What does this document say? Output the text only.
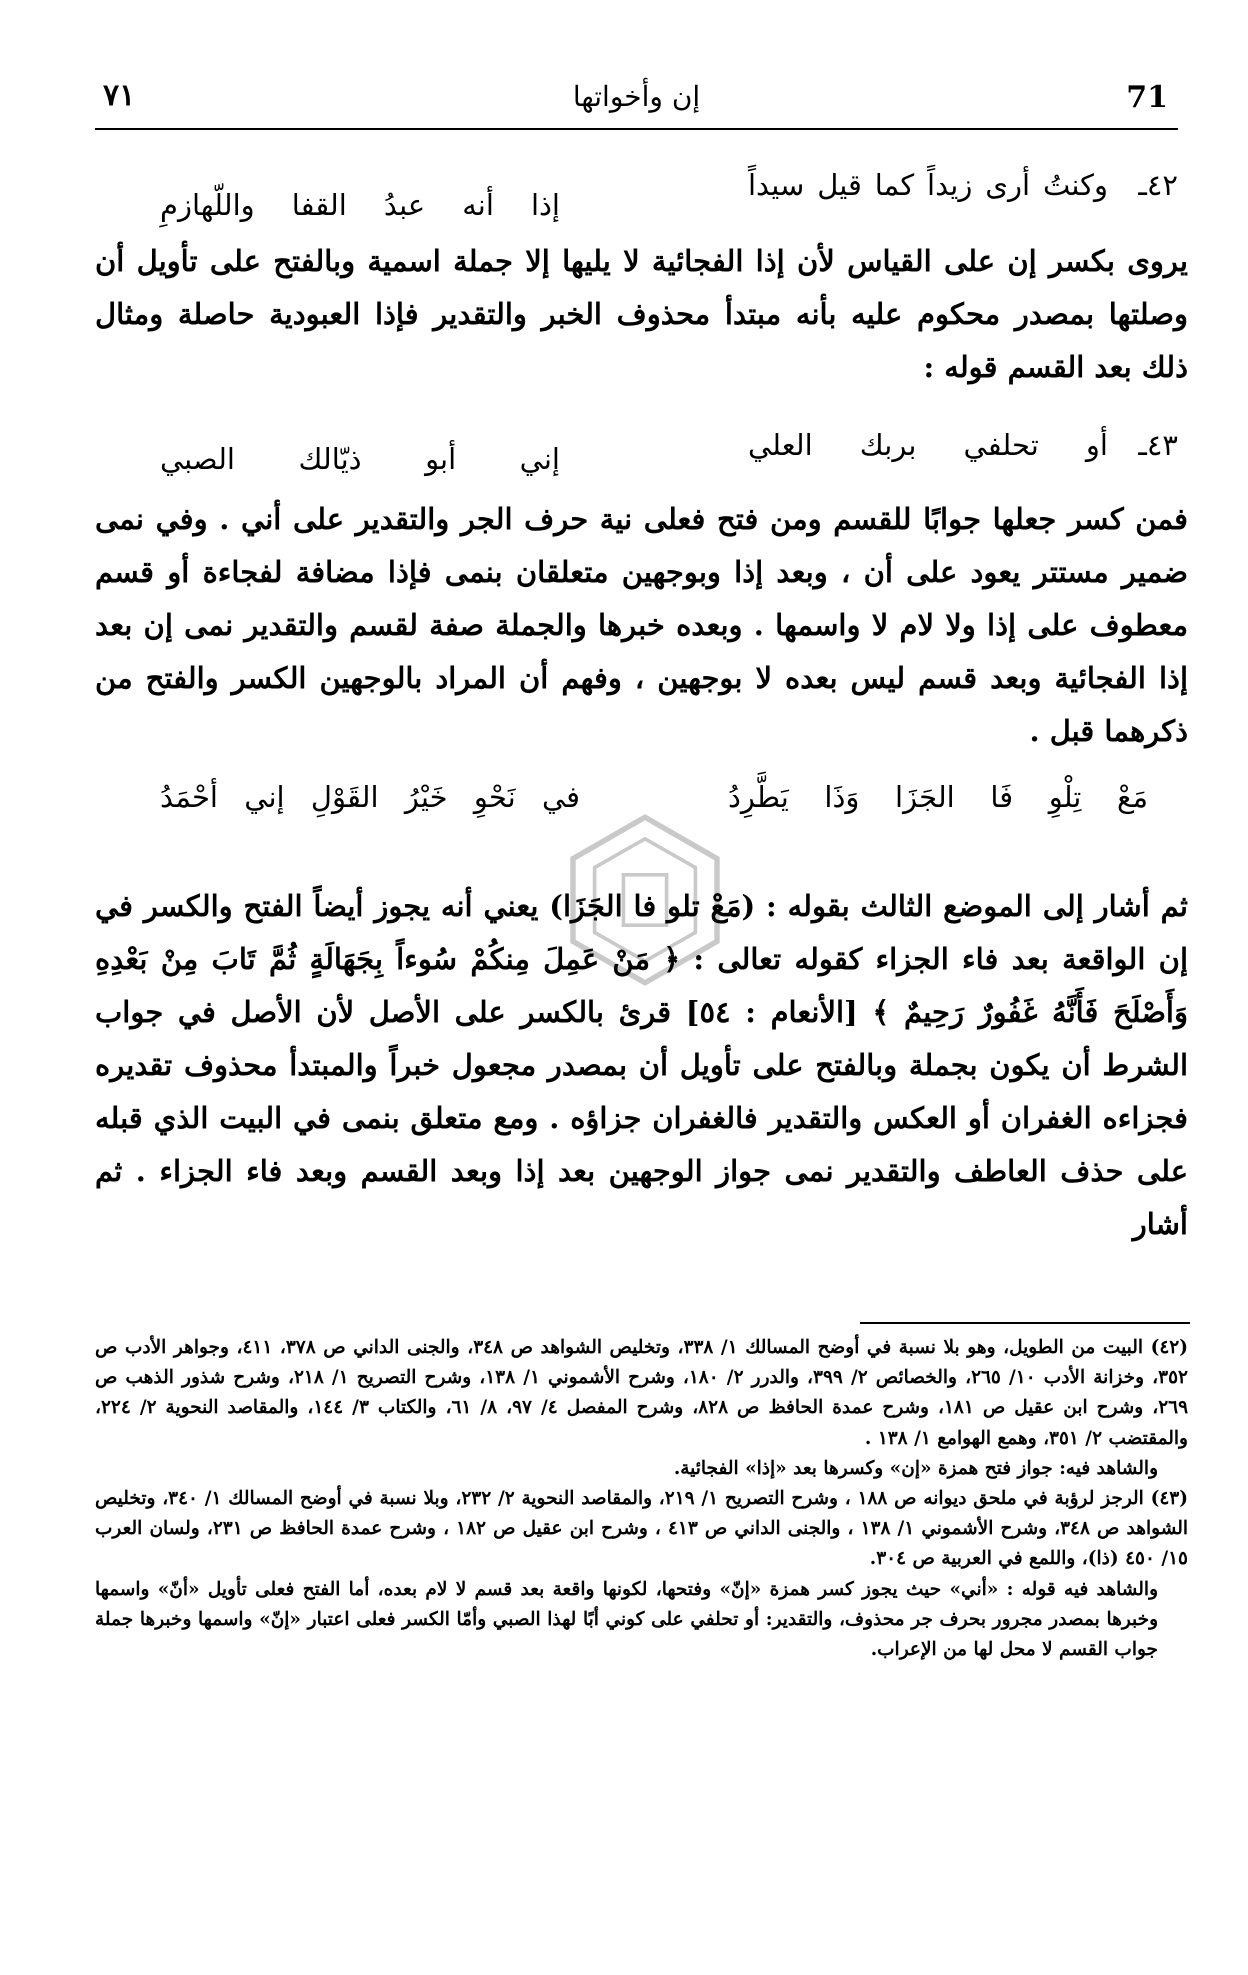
71
إن وأخواتها
٧١
٤٢ـ
وكنتُ أرى زيداً كما قيل سيداً
إذا أنه عبدُ القفا واللّهازمِ
يروى بكسر إن على القياس لأن إذا الفجائية لا يليها إلا جملة اسمية وبالفتح على تأويل أن وصلتها بمصدر محكوم عليه بأنه مبتدأ محذوف الخبر والتقدير فإذا العبودية حاصلة ومثال ذلك بعد القسم قوله :
٤٣ـ
أو تحلفي بربك العلي
إني أبو ذيّالك الصبي
فمن كسر جعلها جوابًا للقسم ومن فتح فعلى نية حرف الجر والتقدير على أني . وفي نمى ضمير مستتر يعود على أن ، وبعد إذا وبوجهين متعلقان بنمى فإذا مضافة لفجاءة أو قسم معطوف على إذا ولا لام لا واسمها . وبعده خبرها والجملة صفة لقسم والتقدير نمى إن بعد إذا الفجائية وبعد قسم ليس بعده لا بوجهين ، وفهم أن المراد بالوجهين الكسر والفتح من ذكرهما قبل .
مَعْ تِلْوِ فَا الجَزَا وَذَا يَطَّرِدُ
في نَحْوِ خَيْرُ القَوْلِ إني أحْمَدُ
ثم أشار إلى الموضع الثالث بقوله : (مَعْ تلو فا الجَزَا) يعني أنه يجوز أيضاً الفتح والكسر في إن الواقعة بعد فاء الجزاء كقوله تعالى : ﴿ مَنْ عَمِلَ مِنكُمْ سُوءاً بِجَهَالَةٍ ثُمَّ تَابَ مِنْ بَعْدِهِ وَأَصْلَحَ فَأَنَّهُ غَفُورٌ رَحِيمٌ ﴾ [الأنعام : ٥٤] قرئ بالكسر على الأصل لأن الأصل في جواب الشرط أن يكون بجملة وبالفتح على تأويل أن بمصدر مجعول خبراً والمبتدأ محذوف تقديره فجزاءه الغفران أو العكس والتقدير فالغفران جزاؤه . ومع متعلق بنمى في البيت الذي قبله على حذف العاطف والتقدير نمى جواز الوجهين بعد إذا وبعد القسم وبعد فاء الجزاء . ثم أشار

(٤٢) البيت من الطويل، وهو بلا نسبة في أوضح المسالك ١/ ٣٣٨، وتخليص الشواهد ص ٣٤٨، والجنى الداني ص ٣٧٨، ٤١١، وجواهر الأدب ص ٣٥٢، وخزانة الأدب ١٠/ ٢٦٥، والخصائص ٢/ ٣٩٩، والدرر ٢/ ١٨٠، وشرح الأشموني ١/ ١٣٨، وشرح التصريح ١/ ٢١٨، وشرح شذور الذهب ص ٢٦٩، وشرح ابن عقيل ص ١٨١، وشرح عمدة الحافظ ص ٨٢٨، وشرح المفصل ٤/ ٩٧، ٨/ ٦١، والكتاب ٣/ ١٤٤، والمقاصد النحوية ٢/ ٢٢٤، والمقتضب ٢/ ٣٥١، وهمع الهوامع ١/ ١٣٨ .

والشاهد فيه: جواز فتح همزة «إن» وكسرها بعد «إذا» الفجائية.

(٤٣) الرجز لرؤبة في ملحق ديوانه ص ١٨٨ ، وشرح التصريح ١/ ٢١٩، والمقاصد النحوية ٢/ ٢٣٢، وبلا نسبة في أوضح المسالك ١/ ٣٤٠، وتخليص الشواهد ص ٣٤٨، وشرح الأشموني ١/ ١٣٨ ، والجنى الداني ص ٤١٣ ، وشرح ابن عقيل ص ١٨٢ ، وشرح عمدة الحافظ ص ٢٣١، ولسان العرب ١٥/ ٤٥٠ (ذا)، واللمع في العربية ص ٣٠٤.

والشاهد فيه قوله : «أني» حيث يجوز كسر همزة «إنّ» وفتحها، لكونها واقعة بعد قسم لا لام بعده، أما الفتح فعلى تأويل «أنّ» واسمها وخبرها بمصدر مجرور بحرف جر محذوف، والتقدير: أو تحلفي على كوني أبًا لهذا الصبي وأمّا الكسر فعلى اعتبار «إنّ» واسمها وخبرها جملة جواب القسم لا محل لها من الإعراب.
